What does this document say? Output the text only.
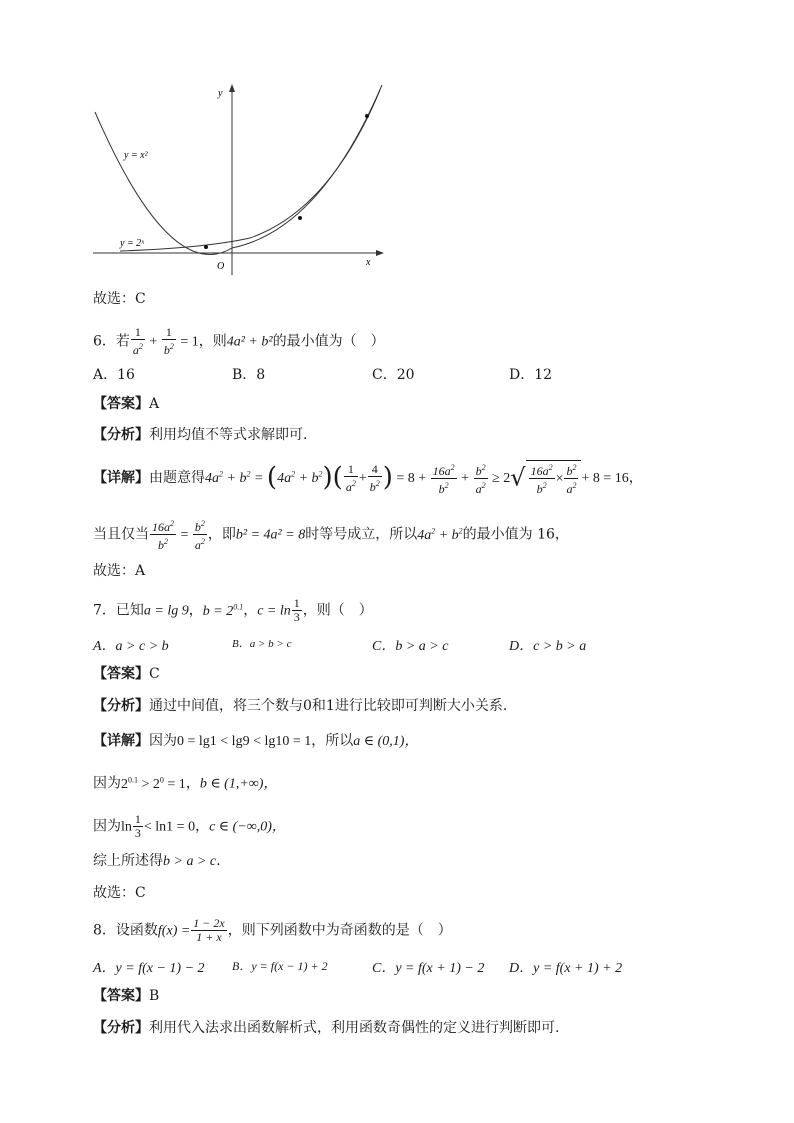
y
x
O
y = x²
y = 2ˣ
故选：C
6．若 $\frac{1}{a^2} + \frac{1}{b^2} = 1$，则4a² + b²的最小值为（　）
A．16	B．8	C．20	D．12
【答案】A
【分析】利用均值不等式求解即可.
【详解】由题意得$4a^2 + b^2 = (4a^2 + b^2)( \frac{1}{a^2} + \frac{4}{b^2}$ ) = $8 + \frac{16a^2}{b^2} + \frac{b^2}{a^2} \ge 2√ \frac{16a^2}{b^2} \times \frac{b^2}{a^2} + 8 = 16$，
当且仅当 $\frac{16a^2}{b^2} = \frac{b^2}{a^2}$ ，即b² = 4a² = 8时等号成立，所以$4a^2 + b^2$的最小值为 16，
故选：A
7．已知a = lg 9，$b = 2^{0.1}$，$c = \ln \frac{1}{3}$ ，则（　）
A．a > c > b	B．a > b > c	C．b > a > c	D．c > b > a
【答案】C
【分析】通过中间值，将三个数与0和1进行比较即可判断大小关系.
【详解】因为0 = lg1 < lg9 < lg10 = 1，所以a ∈ (0,1)，
因为$2^{0.1} > 2^0 = 1$，b ∈ (1,+∞)，
因为$\ln \frac{1}{3} < \ln 1 = 0$，c ∈ (−∞,0)，
综上所述得b > a > c.
故选：C
8．设函数$f(x) = \frac{1 - 2x}{1 + x}$ ，则下列函数中为奇函数的是（　）
A．y = f(x − 1) − 2 B．y = f(x − 1) + 2	C．y = f(x + 1) − 2 D．y = f(x + 1) + 2
【答案】B
【分析】利用代入法求出函数解析式，利用函数奇偶性的定义进行判断即可.
